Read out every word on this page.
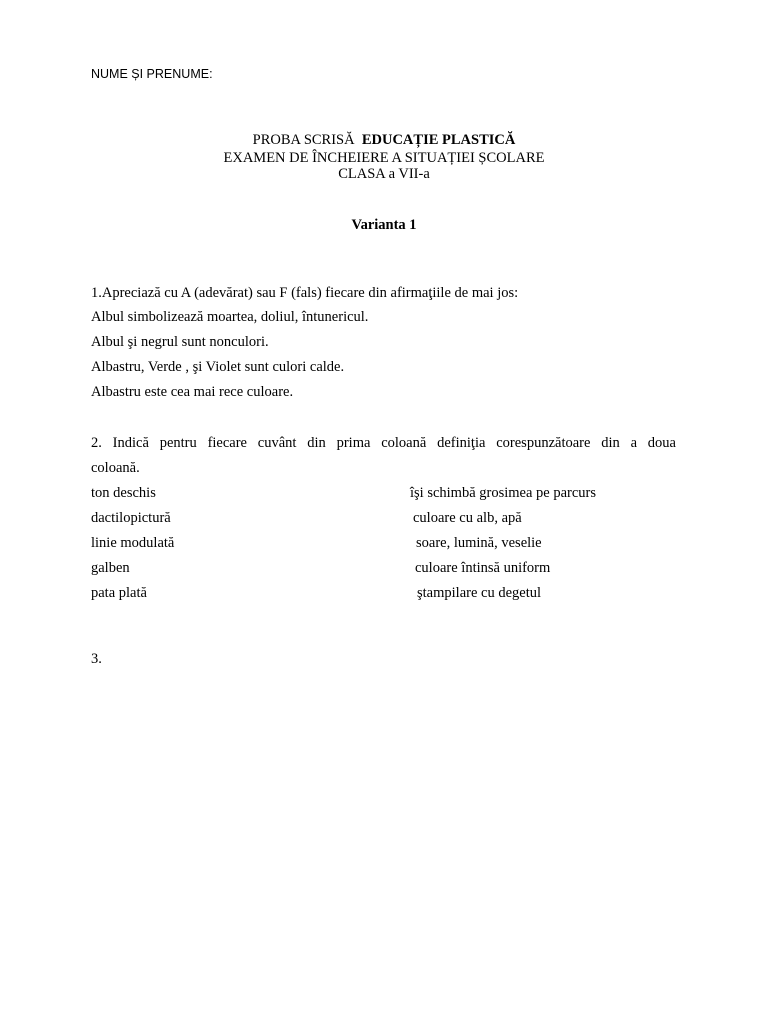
NUME ȘI PRENUME:
PROBA SCRISĂ EDUCAȚIE PLASTICĂ
EXAMEN DE ÎNCHEIERE A SITUAȚIEI ȘCOLARE
CLASA a VII-a
Varianta 1
1.Apreciază cu A (adevărat) sau F (fals) fiecare din afirmaţiile de mai jos:
Albul simbolizează moartea, doliul, întunericul.
Albul şi negrul sunt nonculori.
Albastru, Verde , şi Violet sunt culori calde.
Albastru este cea mai rece culoare.
2. Indică pentru fiecare cuvânt din prima coloană definiţia corespunzătoare din a doua
coloană.
ton deschis	îşi schimbă grosimea pe parcurs
dactilopictură	culoare cu alb, apă
linie modulată	soare, lumină, veselie
galben	culoare întinsă uniform
pata plată	ştampilare cu degetul
3.
